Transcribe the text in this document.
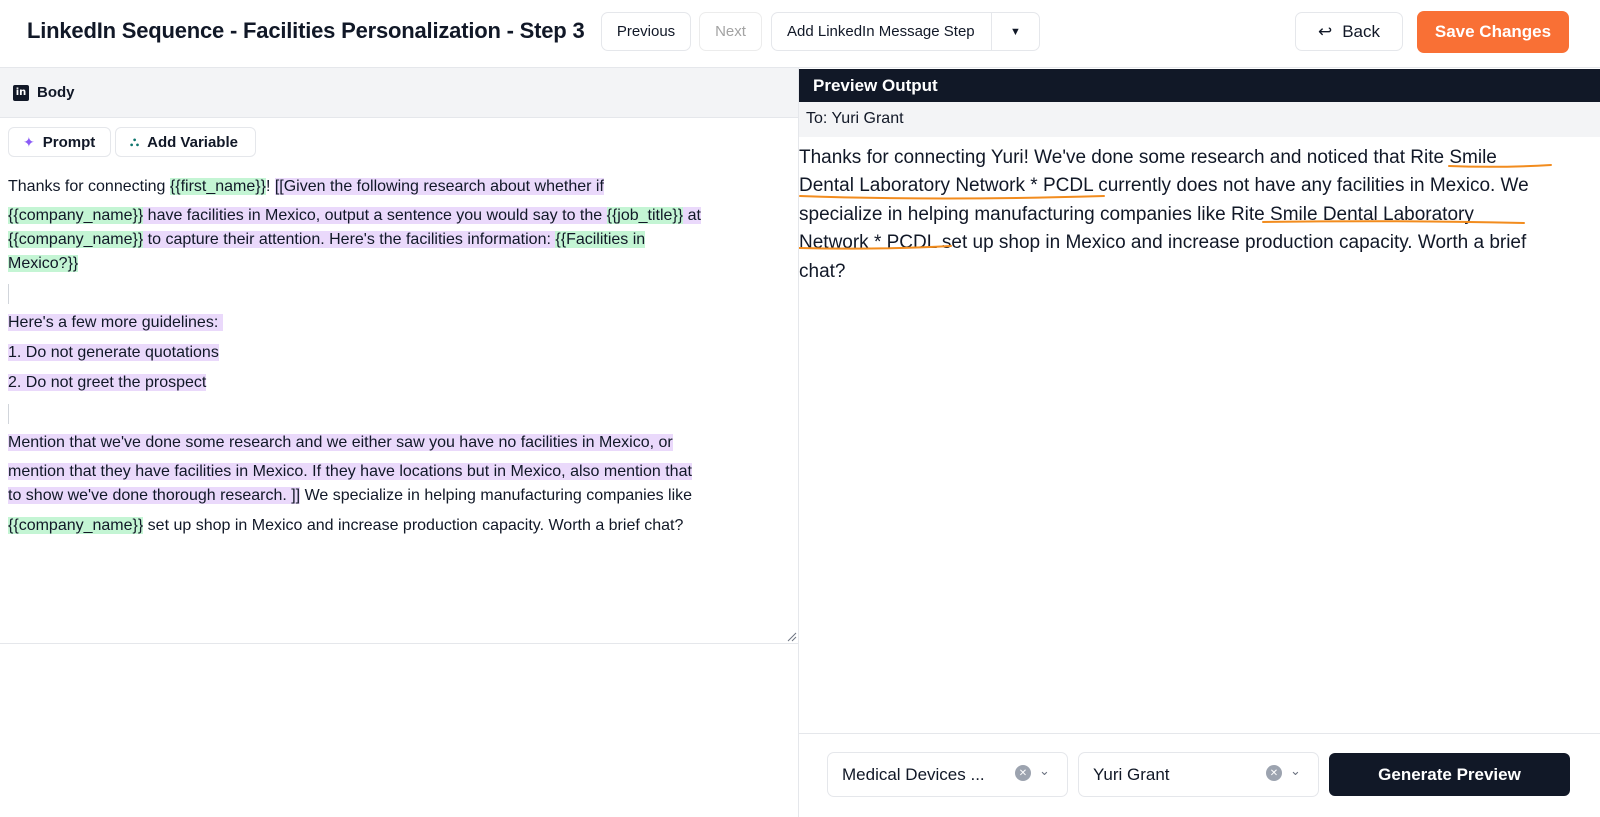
LinkedIn Sequence - Facilities Personalization - Step 3	Previous	Next	Add LinkedIn Message Step	▼	↩ Back	Save Changes
in Body
✦ Prompt	⛬ Add Variable
Thanks for connecting {{first_name}}! [[Given the following research about whether if
{{company_name}} have facilities in Mexico, output a sentence you would say to the {{job_title}} at
{{company_name}} to capture their attention. Here's the facilities information: {{Facilities in
Mexico?}}
Here's a few more guidelines:
1. Do not generate quotations
2. Do not greet the prospect
Mention that we've done some research and we either saw you have no facilities in Mexico, or
mention that they have facilities in Mexico. If they have locations but in Mexico, also mention that
to show we've done thorough research. ]] We specialize in helping manufacturing companies like
{{company_name}} set up shop in Mexico and increase production capacity. Worth a brief chat?
Preview Output
To: Yuri Grant
Thanks for connecting Yuri! We've done some research and noticed that Rite Smile
Dental Laboratory Network * PCDL currently does not have any facilities in Mexico. We
specialize in helping manufacturing companies like Rite Smile Dental Laboratory
Network * PCDL set up shop in Mexico and increase production capacity. Worth a brief
chat?
Medical Devices ...	✕ ⌄	Yuri Grant	✕ ⌄	Generate Preview
